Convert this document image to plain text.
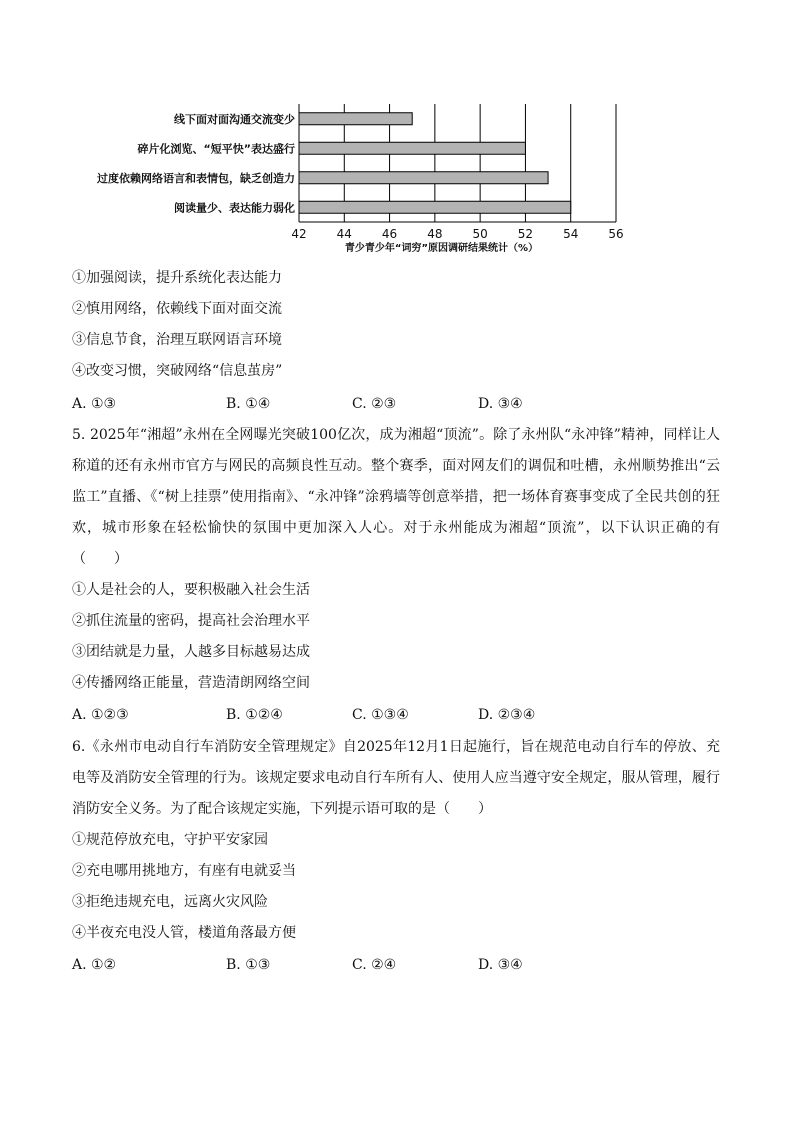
线下面对面沟通交流变少
碎片化浏览、“短平快”表达盛行
过度依赖网络语言和表情包，缺乏创造力
阅读量少、表达能力弱化
42	44	46	48	50	52	54	56
青少青少年“词穷”原因调研结果统计（%）
①加强阅读，提升系统化表达能力
②慎用网络，依赖线下面对面交流
③信息节食，治理互联网语言环境
④改变习惯，突破网络“信息茧房”
A. ①③	B. ①④	C. ②③	D. ③④
5. 2025年“湘超”永州在全网曝光突破100亿次，成为湘超“顶流”。除了永州队“永冲锋”精神，同样让人称道的还有永州市官方与网民的高频良性互动。整个赛季，面对网友们的调侃和吐槽，永州顺势推出“云监工”直播、《“树上挂票”使用指南》、“永冲锋”涂鸦墙等创意举措，把一场体育赛事变成了全民共创的狂欢，城市形象在轻松愉快的氛围中更加深入人心。对于永州能成为湘超“顶流”，以下认识正确的有（　　）
①人是社会的人，要积极融入社会生活
②抓住流量的密码，提高社会治理水平
③团结就是力量，人越多目标越易达成
④传播网络正能量，营造清朗网络空间
A. ①②③	B. ①②④	C. ①③④	D. ②③④
6.《永州市电动自行车消防安全管理规定》自2025年12月1日起施行，旨在规范电动自行车的停放、充电等及消防安全管理的行为。该规定要求电动自行车所有人、使用人应当遵守安全规定，服从管理，履行消防安全义务。为了配合该规定实施，下列提示语可取的是（　　）
①规范停放充电，守护平安家园
②充电哪用挑地方，有座有电就妥当
③拒绝违规充电，远离火灾风险
④半夜充电没人管，楼道角落最方便
A. ①②	B. ①③	C. ②④	D. ③④
